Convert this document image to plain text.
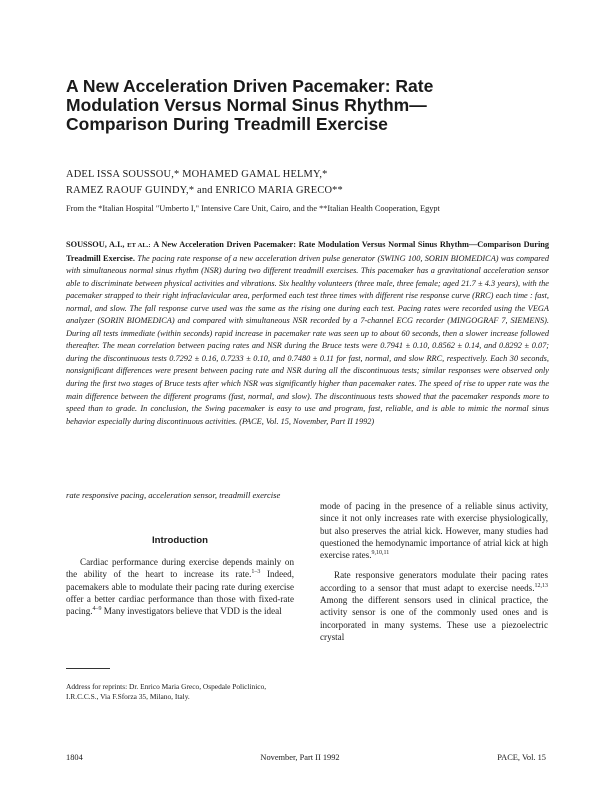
A New Acceleration Driven Pacemaker: Rate Modulation Versus Normal Sinus Rhythm—Comparison During Treadmill Exercise
ADEL ISSA SOUSSOU,* MOHAMED GAMAL HELMY,*
RAMEZ RAOUF GUINDY,* and ENRICO MARIA GRECO**
From the *Italian Hospital "Umberto I," Intensive Care Unit, Cairo, and the **Italian Health Cooperation, Egypt

SOUSSOU, A.I., ET AL.: A New Acceleration Driven Pacemaker: Rate Modulation Versus Normal Sinus Rhythm—Comparison During Treadmill Exercise. The pacing rate response of a new acceleration driven pulse generator (SWING 100, SORIN BIOMEDICA) was compared with simultaneous normal sinus rhythm (NSR) during two different treadmill exercises. This pacemaker has a gravitational acceleration sensor able to discriminate between physical activities and vibrations. Six healthy volunteers (three male, three female; aged 21.7 ± 4.3 years), with the pacemaker strapped to their right infraclavicular area, performed each test three times with different rise response curve (RRC) each time : fast, normal, and slow. The fall response curve used was the same as the rising one during each test. Pacing rates were recorded using the VEGA analyzer (SORIN BIOMEDICA) and compared with simultaneous NSR recorded by a 7-channel ECG recorder (MINGOGRAF 7, SIEMENS). During all tests immediate (within seconds) rapid increase in pacemaker rate was seen up to about 60 seconds, then a slower increase followed thereafter. The mean correlation between pacing rates and NSR during the Bruce tests were 0.7941 ± 0.10, 0.8562 ± 0.14, and 0.8292 ± 0.07; during the discontinuous tests 0.7292 ± 0.16, 0.7233 ± 0.10, and 0.7480 ± 0.11 for fast, normal, and slow RRC, respectively. Each 30 seconds, nonsignificant differences were present between pacing rate and NSR during all the discontinuous tests; similar responses were observed only during the first two stages of Bruce tests after which NSR was significantly higher than pacemaker rates. The speed of rise to upper rate was the main difference between the different programs (fast, normal, and slow). The discontinuous tests showed that the pacemaker responds more to speed than to grade. In conclusion, the Swing pacemaker is easy to use and program, fast, reliable, and is able to mimic the normal sinus behavior especially during discontinuous activities. (PACE, Vol. 15, November, Part II 1992)

rate responsive pacing, acceleration sensor, treadmill exercise
Introduction

Cardiac performance during exercise depends mainly on the ability of the heart to increase its rate.$^{1-3}$ Indeed, pacemakers able to modulate their pacing rate during exercise offer a better cardiac performance than those with fixed-rate pacing.$^{4-9}$ Many investigators believe that VDD is the ideal

mode of pacing in the presence of a reliable sinus activity, since it not only increases rate with exercise physiologically, but also preserves the atrial kick. However, many studies had questioned the hemodynamic importance of atrial kick at high exercise rates.$^{9,10,11}$

Rate responsive generators modulate their pacing rates according to a sensor that must adapt to exercise needs.$^{12,13}$ Among the different sensors used in clinical practice, the activity sensor is one of the commonly used ones and is incorporated in many systems. These use a piezoelectric crystal

Address for reprints: Dr. Enrico Maria Greco, Ospedale Policlinico, I.R.C.C.S., Via F.Sforza 35, Milano, Italy.
1804	November, Part II 1992	PACE, Vol. 15
